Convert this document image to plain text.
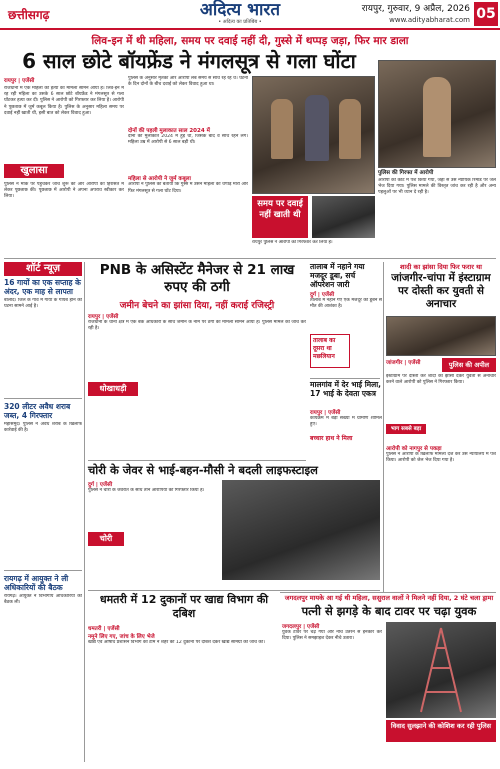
छत्तीसगढ़	अदित्य भारत
• अदित्य का प्रतिबिंब •
रायपुर, गुरुवार, 9 अप्रैल, 2026
www.adityabharat.com 05
लिव-इन में थी महिला, समय पर दवाई नहीं दी, गुस्से में थप्पड़ जड़ा, फिर मार डाला
6 साल छोटे बॉयफ्रेंड ने मंगलसूत्र से गला घोंटा
रायपुर | एजेंसी
राजधानी में एक महिला की हत्या का मामला सामने आया है। लिव-इन में रह रही महिला का उसके 6 साल छोटे बॉयफ्रेंड ने मंगलसूत्र से गला घोंटकर हत्या कर दी। पुलिस ने आरोपी को गिरफ्तार कर लिया है। आरोपी ने पूछताछ में जुर्म कबूल किया है। पुलिस के अनुसार महिला समय पर दवाई नहीं खाती थी, इसी बात को लेकर विवाद हुआ।
खुलासा
पुलिस ने मौके पर पहुंचकर जांच शुरू की और आरोपी को हिरासत में लेकर पूछताछ की। पूछताछ में आरोपी ने अपना अपराध स्वीकार कर लिया।
पुलिस के अनुसार मृतका और आरोपी लंबे समय से साथ रह रहे थे। घटना के दिन दोनों के बीच दवाई को लेकर विवाद हुआ था।
दोनों की पहली मुलाकात साल 2024 में
दोनों की मुलाकात 2024 में हुई थी, जिसके बाद वे साथ रहने लगे। महिला उम्र में आरोपी से 6 साल बड़ी थी।
महिला से आरोपी ने जुर्म कबूला
आरोपी ने पुलिस को बताया कि गुस्से में उसने महिला को थप्पड़ मारा और फिर मंगलसूत्र से गला घोंट दिया।
समय पर दवाई नहीं खाती थी
पुलिस की गिरफ्त में आरोपी
आरोपी को कोर्ट में पेश किया गया, जहां से उसे न्यायिक रिमांड पर जेल भेज दिया गया। पुलिस मामले की विस्तृत जांच कर रही है और अन्य पहलुओं पर भी ध्यान दे रही है।
रायपुर पुलिस ने आरोपी को गिरफ्तार कर लिया है।
शॉर्ट न्यूज़
16 गायों का एक सप्ताह के अंदर, एक माह से लापता
बालोद। जिले के गांव में गायों के गायब होने की घटना सामने आई है।
320 लीटर अवैध शराब जब्त, 4 गिरफ्तार
महासमुंद। पुलिस ने अवैध शराब के खिलाफ कार्रवाई की है।
रायगढ़ में आयुक्त ने ली अधिकारियों की बैठक
रायगढ़। आयुक्त ने विभागीय अधिकारियों की बैठक ली।
PNB के असिस्टेंट मैनेजर से 21 लाख रुपए की ठगी
जमीन बेचने का झांसा दिया, नहीं कराई रजिस्ट्री
रायपुर | एजेंसी
राजधानी के थाना क्षेत्र में एक बैंक अधिकारी के साथ जमीन के नाम पर ठगी का मामला सामने आया है। पुलिस मामले की जांच कर रही है।
धोखाधड़ी
चोरी के जेवर से भाई-बहन-मौसी ने बदली लाइफस्टाइल
दुर्ग | एजेंसी
पुलिस ने चोरी के जेवरात के साथ तीन आरोपियों को गिरफ्तार किया है।
चोरी
धमतरी में 12 दुकानों पर खाद्य विभाग की दबिश
धमतरी | एजेंसी
नमूने लिए गए, जांच के लिए भेजे
खाद्य एवं औषधि प्रशासन विभाग की टीम ने शहर की 12 दुकानों पर दबिश देकर खाद्य सामग्री की जांच की।
तालाब में नहाने गया मजदूर डूबा, सर्च ऑपरेशन जारी
दुर्ग | एजेंसी
तालाब में नहाने गए एक मजदूर की डूबने से मौत की आशंका है।
तालाब का दूसरा था मछलियान
मालगांव में देर भाई मिला, 17 भाई के देवता एकत्र
रायपुर | एजेंसी
कार्यक्रम में बड़ी संख्या में ग्रामीण शामिल हुए।
बच्चार हाथ ने मिला
शादी का झांसा दिया फिर फरार था
जांजगीर-चांपा में इंस्टाग्राम पर दोस्ती कर युवती से अनाचार
जांजगीर | एजेंसी	पुलिस की अपील
इंस्टाग्राम पर दोस्ती कर शादी का झांसा देकर युवती से अनाचार करने वाले आरोपी को पुलिस ने गिरफ्तार किया।
आरोपी को नागपुर से पकड़ा
पुलिस ने आरोपी के खिलाफ मामला दर्ज कर उसे न्यायालय में पेश किया। आरोपी को जेल भेज दिया गया है।
भाग सबसे बड़ा हमला
जगदलपुर मायके आ गई थी महिला, ससुराल वालों ने मिलने नहीं दिया, 2 घंटे चला ड्रामा
पत्नी से झगड़े के बाद टावर पर चढ़ा युवक
जगदलपुर | एजेंसी
युवक टावर पर चढ़ गया और नीचे उतरने से इनकार कर दिया। पुलिस ने समझाइश देकर नीचे उतारा।
विवाद सुलझाने की कोशिश कर रही पुलिस
